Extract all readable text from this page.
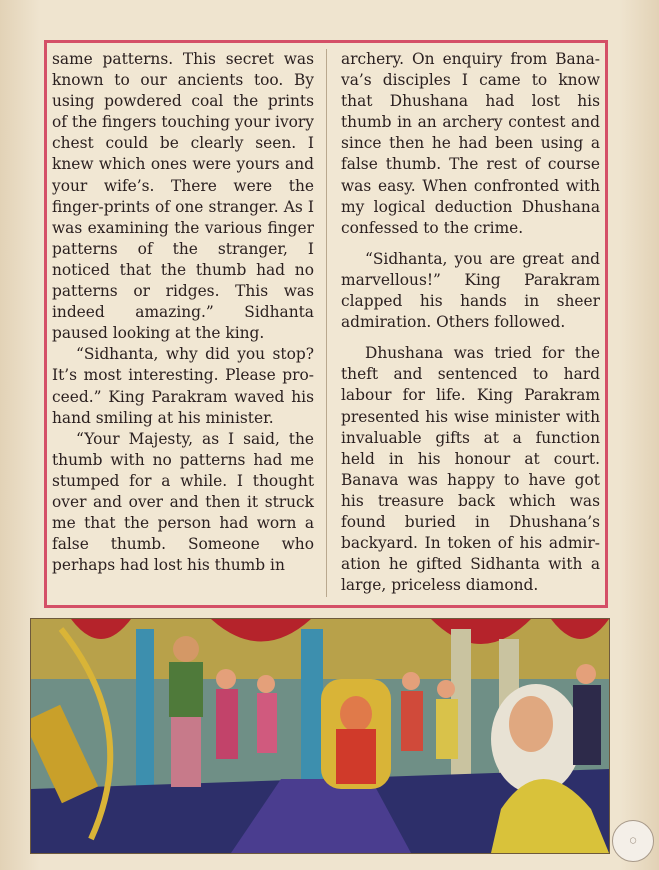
same patterns. This secret was known to our ancients too. By using powdered coal the prints of the fingers touching your ivory chest could be clearly seen. I knew which ones were yours and your wife’s. There were the finger-prints of one stranger. As I was examining the various finger patterns of the stranger, I noticed that the thumb had no patterns or ridges. This was indeed amazing.” Sidhanta paused looking at the king.

“Sidhanta, why did you stop? It’s most interesting. Please proceed.” King Parakram waved his hand smiling at his minister.

“Your Majesty, as I said, the thumb with no patterns had me stumped for a while. I thought over and over and then it struck me that the person had worn a false thumb. Someone who perhaps had lost his thumb in

archery. On enquiry from Banava’s disciples I came to know that Dhushana had lost his thumb in an archery contest and since then he had been using a false thumb. The rest of course was easy. When confronted with my logical deduction Dhushana confessed to the crime.

“Sidhanta, you are great and marvellous!” King Parakram clapped his hands in sheer admiration. Others followed.

Dhushana was tried for the theft and sentenced to hard labour for life. King Parakram presented his wise minister with invaluable gifts at a function held in his honour at court. Banava was happy to have got his treasure back which was found buried in Dhushana’s backyard. In token of his admiration he gifted Sidhanta with a large, priceless diamond.

◯
